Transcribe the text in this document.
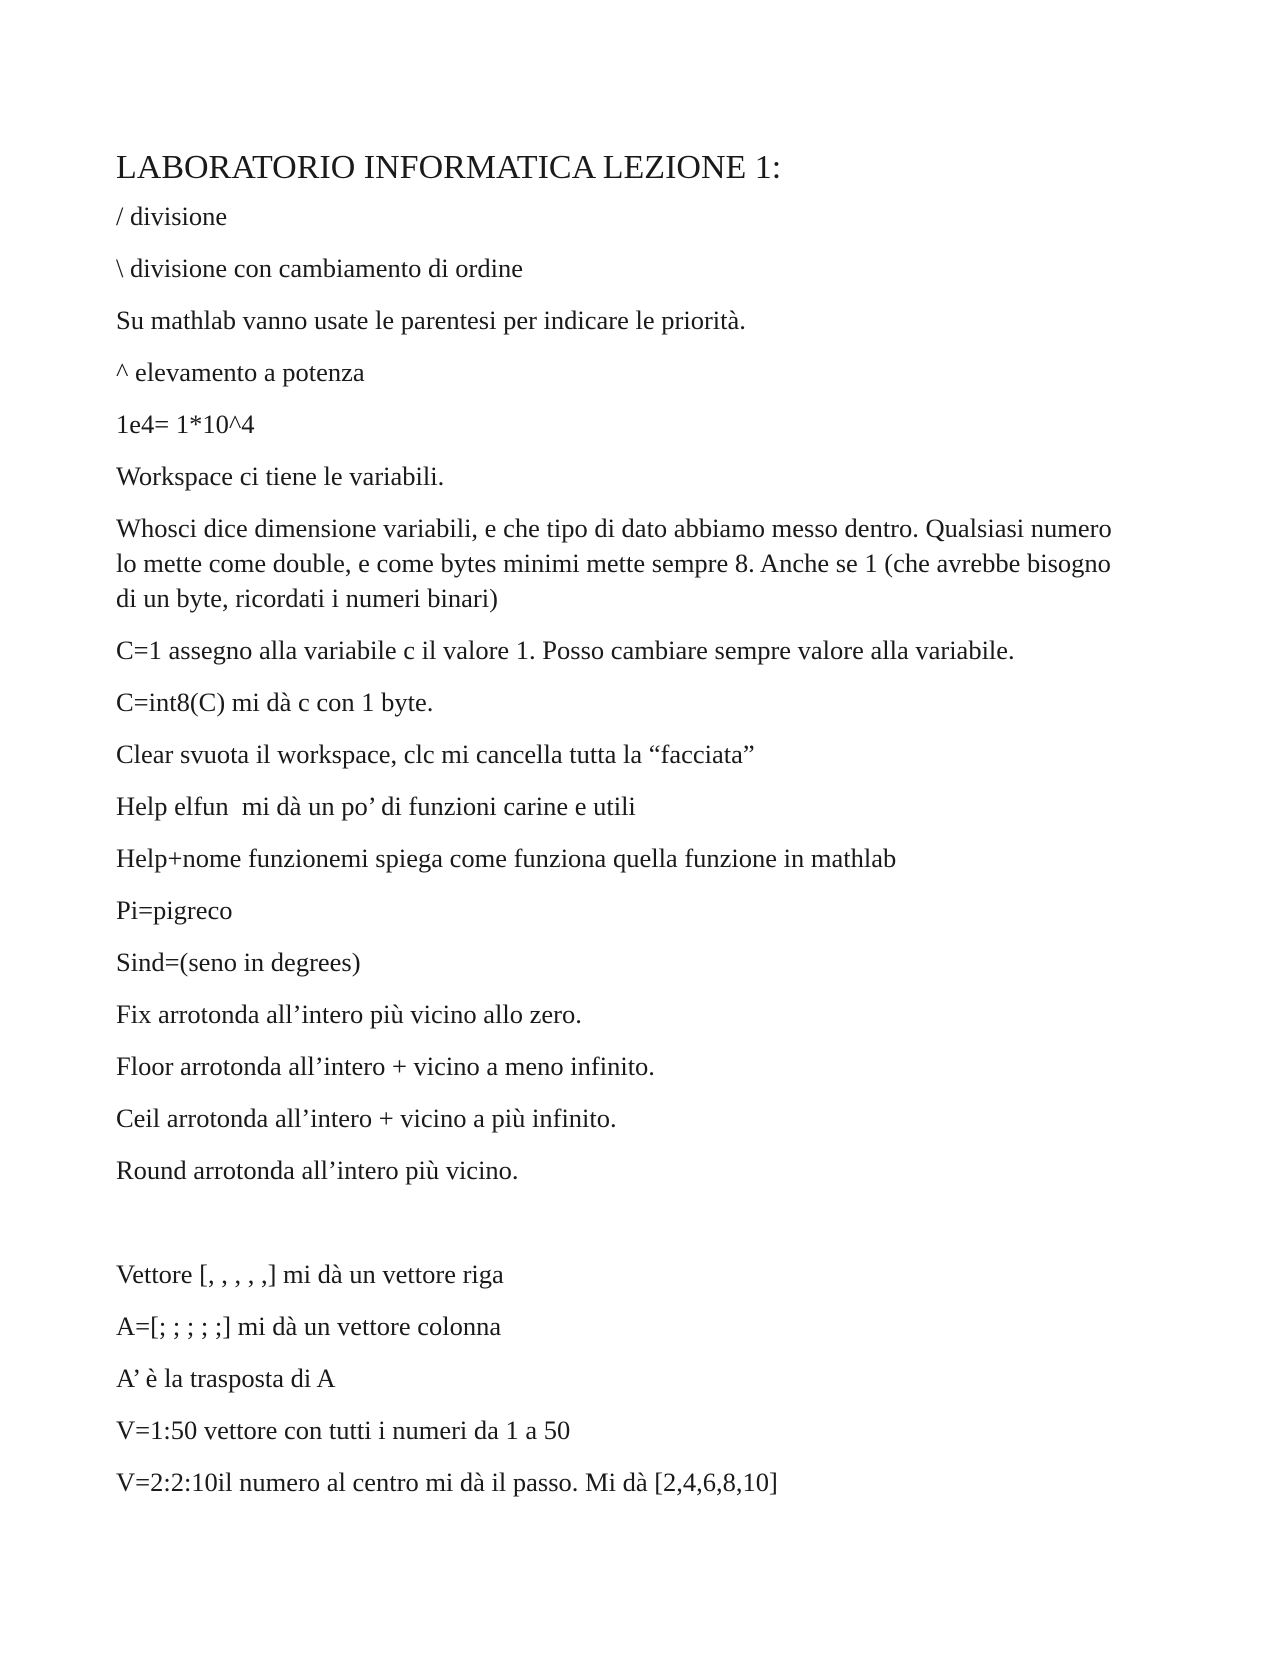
LABORATORIO INFORMATICA LEZIONE 1:

/ divisione

\ divisione con cambiamento di ordine

Su mathlab vanno usate le parentesi per indicare le priorità.

^ elevamento a potenza

1e4= 1*10^4

Workspace ci tiene le variabili.

Whosci dice dimensione variabili, e che tipo di dato abbiamo messo dentro. Qualsiasi numero lo mette come double, e come bytes minimi mette sempre 8. Anche se 1 (che avrebbe bisogno di un byte, ricordati i numeri binari)

C=1 assegno alla variabile c il valore 1. Posso cambiare sempre valore alla variabile.

C=int8(C) mi dà c con 1 byte.

Clear svuota il workspace, clc mi cancella tutta la “facciata”

Help elfun  mi dà un po’ di funzioni carine e utili

Help+nome funzionemi spiega come funziona quella funzione in mathlab

Pi=pigreco

Sind=(seno in degrees)

Fix arrotonda all’intero più vicino allo zero.

Floor arrotonda all’intero + vicino a meno infinito.

Ceil arrotonda all’intero + vicino a più infinito.

Round arrotonda all’intero più vicino.

Vettore [, , , , ,] mi dà un vettore riga

A=[; ; ; ; ;] mi dà un vettore colonna

A’ è la trasposta di A

V=1:50 vettore con tutti i numeri da 1 a 50

V=2:2:10il numero al centro mi dà il passo. Mi dà [2,4,6,8,10]
